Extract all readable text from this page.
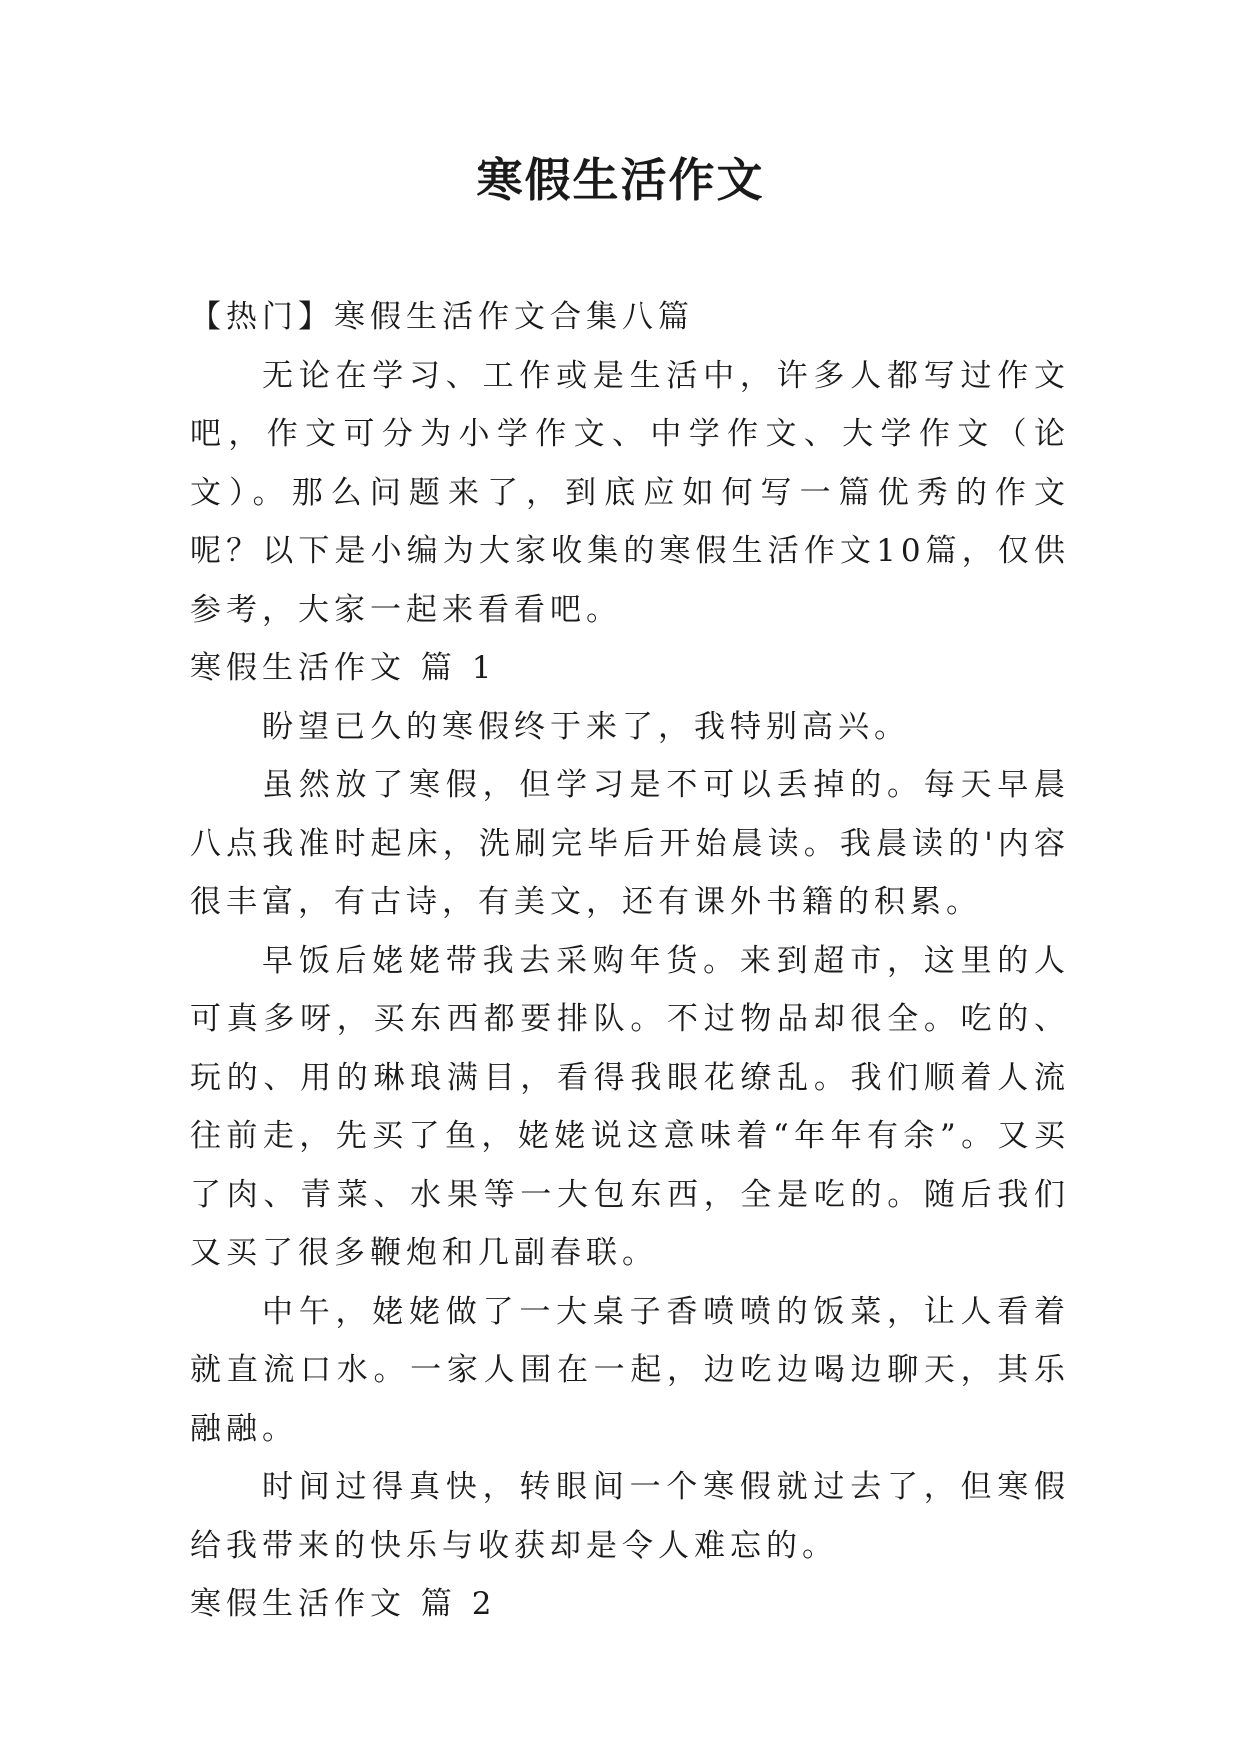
寒假生活作文

【热门】寒假生活作文合集八篇

无论在学习、工作或是生活中，许多人都写过作文吧，作文可分为小学作文、中学作文、大学作文（论文）。那么问题来了，到底应如何写一篇优秀的作文呢？以下是小编为大家收集的寒假生活作文10篇，仅供参考，大家一起来看看吧。

寒假生活作文 篇 1

盼望已久的寒假终于来了，我特别高兴。

虽然放了寒假，但学习是不可以丢掉的。每天早晨八点我准时起床，洗刷完毕后开始晨读。我晨读的'内容很丰富，有古诗，有美文，还有课外书籍的积累。

早饭后姥姥带我去采购年货。来到超市，这里的人可真多呀，买东西都要排队。不过物品却很全。吃的、玩的、用的琳琅满目，看得我眼花缭乱。我们顺着人流往前走，先买了鱼，姥姥说这意味着“年年有余”。又买了肉、青菜、水果等一大包东西，全是吃的。随后我们又买了很多鞭炮和几副春联。

中午，姥姥做了一大桌子香喷喷的饭菜，让人看着就直流口水。一家人围在一起，边吃边喝边聊天，其乐融融。

时间过得真快，转眼间一个寒假就过去了，但寒假给我带来的快乐与收获却是令人难忘的。

寒假生活作文 篇 2
